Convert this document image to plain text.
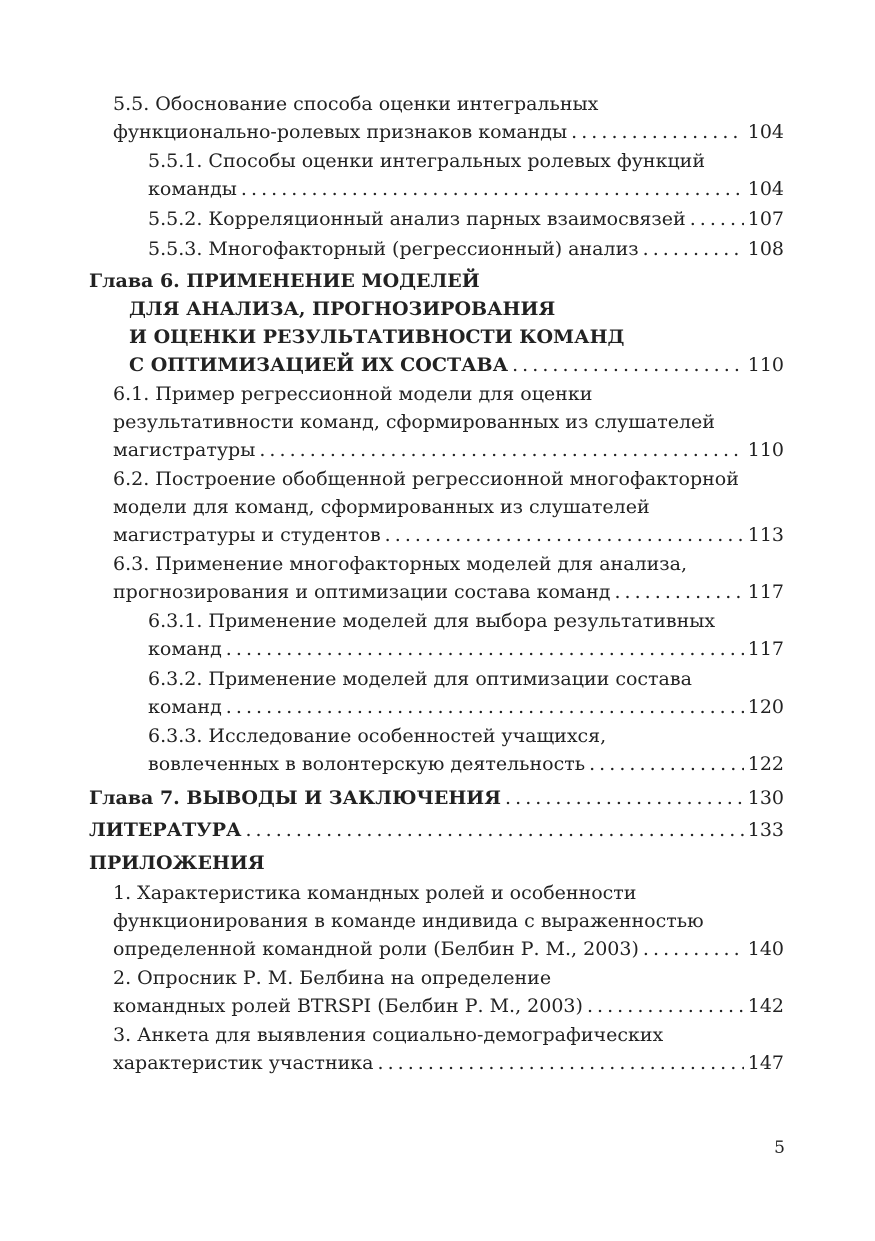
5.5. Обоснование способа оценки интегральных
функционально-ролевых признаков команды . . .	104
5.5.1. Способы оценки интегральных ролевых функций
команды . . .	104
5.5.2. Корреляционный анализ парных взаимосвязей . . .	107
5.5.3. Многофакторный (регрессионный) анализ . . .	108
Глава 6. ПРИМЕНЕНИЕ МОДЕЛЕЙ
ДЛЯ АНАЛИЗА, ПРОГНОЗИРОВАНИЯ
И ОЦЕНКИ РЕЗУЛЬТАТИВНОСТИ КОМАНД
С ОПТИМИЗАЦИЕЙ ИХ СОСТАВА . . .	110
6.1. Пример регрессионной модели для оценки
результативности команд, сформированных из слушателей
магистратуры . . .	110
6.2. Построение обобщенной регрессионной многофакторной
модели для команд, сформированных из слушателей
магистратуры и студентов . . .	113
6.3. Применение многофакторных моделей для анализа,
прогнозирования и оптимизации состава команд . . .	117
6.3.1. Применение моделей для выбора результативных
команд . . .	117
6.3.2. Применение моделей для оптимизации состава
команд . . .	120
6.3.3. Исследование особенностей учащихся,
вовлеченных в волонтерскую деятельность . . .	122
Глава 7. ВЫВОДЫ И ЗАКЛЮЧЕНИЯ . . .	130
ЛИТЕРАТУРА . . .	133
ПРИЛОЖЕНИЯ
1. Характеристика командных ролей и особенности
функционирования в команде индивида с выраженностью
определенной командной роли (Белбин Р. М., 2003) . . .	140
2. Опросник Р. М. Белбина на определение
командных ролей BTRSPI (Белбин Р. М., 2003) . . .	142
3. Анкета для выявления социально-демографических
характеристик участника . . .	147
5
